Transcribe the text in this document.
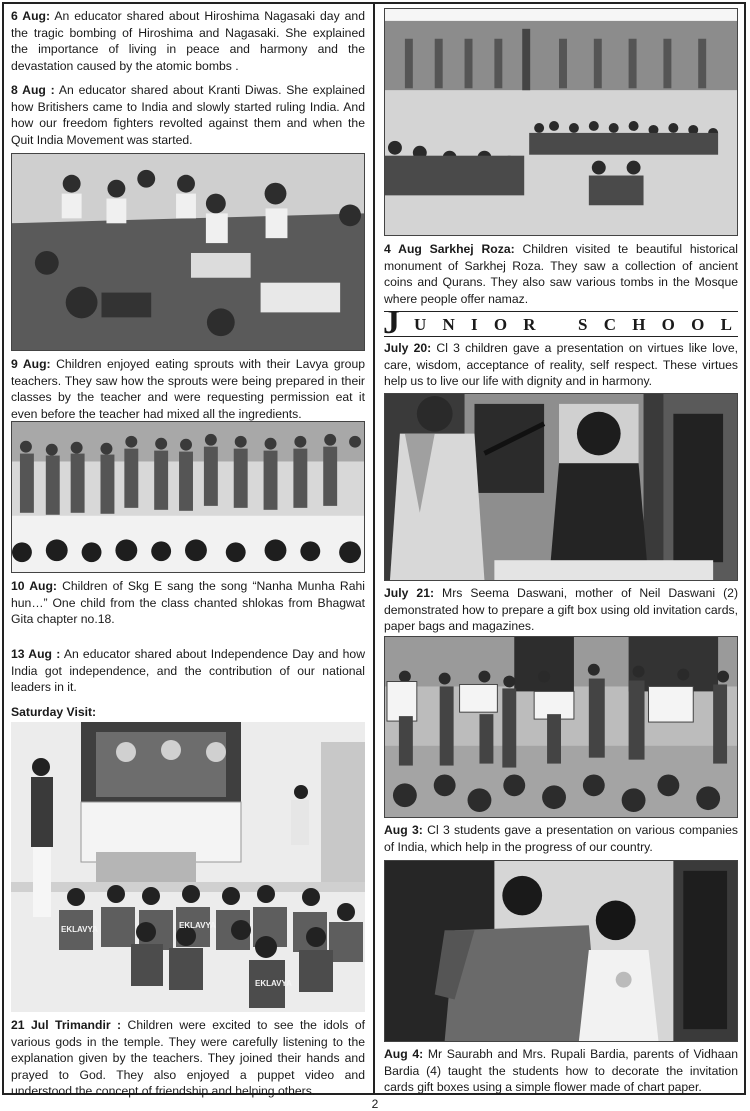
6 Aug: An educator shared about Hiroshima Nagasaki day and the tragic bombing of Hiroshima and Nagasaki. She explained the importance of living in peace and harmony and the devastation caused by the atomic bombs .

8 Aug : An educator shared about Kranti Diwas. She explained how Britishers came to India and slowly started ruling India. And how our freedom fighters revolted against them and when the Quit India Movement was started.

9 Aug: Children enjoyed eating sprouts with their Lavya group teachers. They saw how the sprouts were being prepared in their classes by the teacher and were requesting permission eat it even before the teacher had mixed all the ingredients.

10 Aug: Children of Skg E sang the song “Nanha Munha Rahi hun…” One child from the class chanted shlokas from Bhagwat Gita chapter no.18.

13 Aug : An educator shared about Independence Day and how India got independence, and the contribution of our national leaders in it.

Saturday Visit:

EKLAVYA	EKLAVYA
EKLAVYA

21 Jul Trimandir : Children were excited to see the idols of various gods in the temple. They were carefully listening to the explanation given by the teachers. They joined their hands and prayed to God. They also enjoyed a puppet video and understood the concept of friendship and helping others.

4 Aug Sarkhej Roza: Children visited te beautiful historical monument of Sarkhej Roza. They saw a collection of ancient coins and Qurans. They also saw various tombs in the Mosque where people offer namaz.

J U N I O R S C H O O L

July 20: Cl 3 children gave a presentation on virtues like love, care, wisdom, acceptance of reality, self respect. These virtues help us to live our life with dignity and in harmony.

July 21: Mrs Seema Daswani, mother of Neil Daswani (2) demonstrated how to prepare a gift box using old invitation cards, paper bags and magazines.

Aug 3: Cl 3 students gave a presentation on various companies of India, which help in the progress of our country.

Aug 4: Mr Saurabh and Mrs. Rupali Bardia, parents of Vidhaan Bardia (4) taught the students how to decorate the invitation cards gift boxes using a simple flower made of chart paper.

2
